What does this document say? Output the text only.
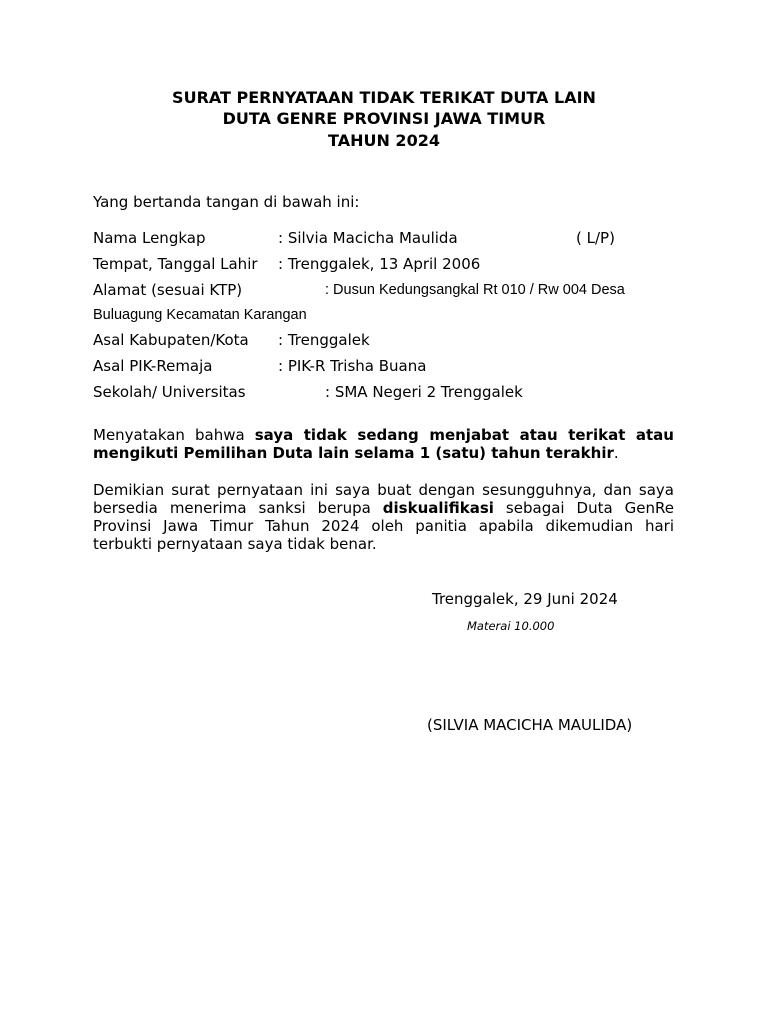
SURAT PERNYATAAN TIDAK TERIKAT DUTA LAIN
DUTA GENRE PROVINSI JAWA TIMUR
TAHUN 2024
Yang bertanda tangan di bawah ini:
Nama Lengkap	: Silvia Macicha Maulida	( L/P)
Tempat, Tanggal Lahir : Trenggalek, 13 April 2006
Alamat (sesuai KTP)	: Dusun Kedungsangkal Rt 010 / Rw 004 Desa
Buluagung Kecamatan Karangan
Asal Kabupaten/Kota : Trenggalek
Asal PIK-Remaja	: PIK-R Trisha Buana
Sekolah/ Universitas	: SMA Negeri 2 Trenggalek
Menyatakan bahwa saya tidak sedang menjabat atau terikat atau
mengikuti Pemilihan Duta lain selama 1 (satu) tahun terakhir.
Demikian surat pernyataan ini saya buat dengan sesungguhnya, dan saya
bersedia menerima sanksi berupa diskualifikasi sebagai Duta GenRe
Provinsi Jawa Timur Tahun 2024 oleh panitia apabila dikemudian hari
terbukti pernyataan saya tidak benar.
Trenggalek, 29 Juni 2024
Materai 10.000
(SILVIA MACICHA MAULIDA)
